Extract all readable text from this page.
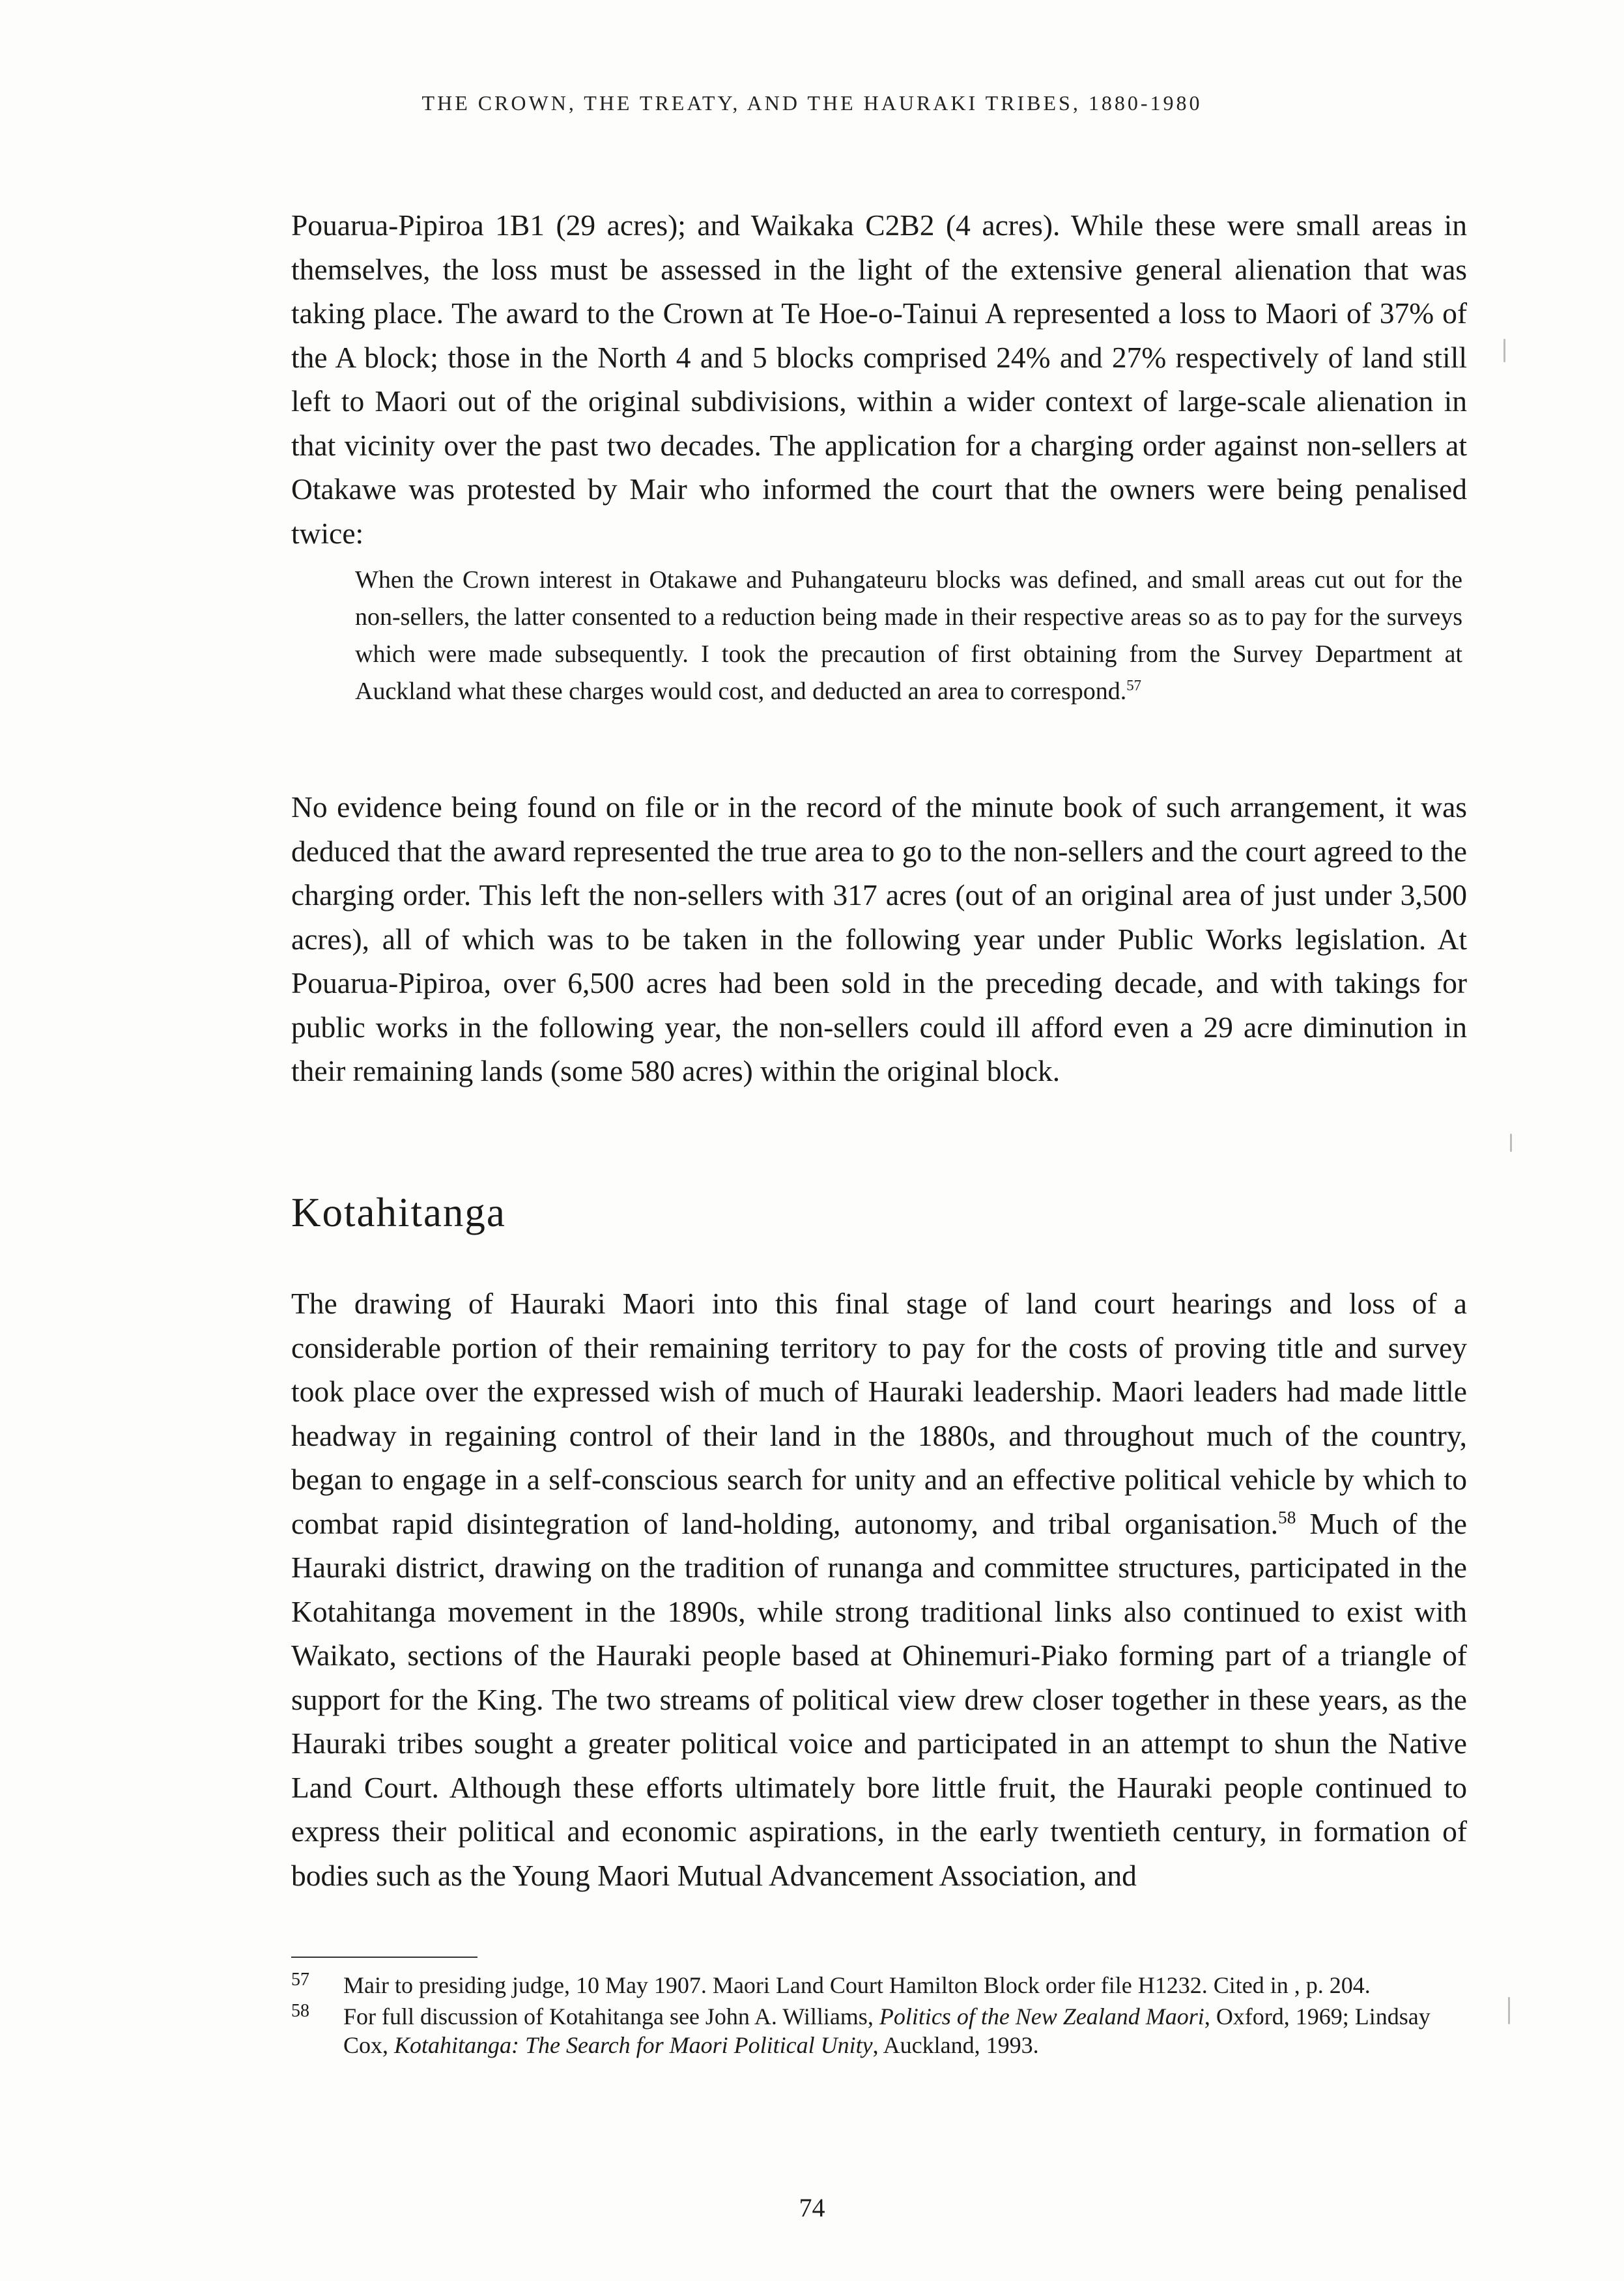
THE CROWN, THE TREATY, AND THE HAURAKI TRIBES, 1880-1980

Pouarua-Pipiroa 1B1 (29 acres); and Waikaka C2B2 (4 acres). While these were small areas in themselves, the loss must be assessed in the light of the extensive general alienation that was taking place. The award to the Crown at Te Hoe-o-Tainui A represented a loss to Maori of 37% of the A block; those in the North 4 and 5 blocks comprised 24% and 27% respectively of land still left to Maori out of the original subdivisions, within a wider context of large-scale alienation in that vicinity over the past two decades. The application for a charging order against non-sellers at Otakawe was protested by Mair who informed the court that the owners were being penalised twice:

When the Crown interest in Otakawe and Puhangateuru blocks was defined, and small areas cut out for the non-sellers, the latter consented to a reduction being made in their respective areas so as to pay for the surveys which were made subsequently. I took the precaution of first obtaining from the Survey Department at Auckland what these charges would cost, and deducted an area to correspond.$^{57}$

No evidence being found on file or in the record of the minute book of such arrangement, it was deduced that the award represented the true area to go to the non-sellers and the court agreed to the charging order. This left the non-sellers with 317 acres (out of an original area of just under 3,500 acres), all of which was to be taken in the following year under Public Works legislation. At Pouarua-Pipiroa, over 6,500 acres had been sold in the preceding decade, and with takings for public works in the following year, the non-sellers could ill afford even a 29 acre diminution in their remaining lands (some 580 acres) within the original block.

Kotahitanga

The drawing of Hauraki Maori into this final stage of land court hearings and loss of a considerable portion of their remaining territory to pay for the costs of proving title and survey took place over the expressed wish of much of Hauraki leadership. Maori leaders had made little headway in regaining control of their land in the 1880s, and throughout much of the country, began to engage in a self-conscious search for unity and an effective political vehicle by which to combat rapid disintegration of land-holding, autonomy, and tribal organisation.$^{58}$ Much of the Hauraki district, drawing on the tradition of runanga and committee structures, participated in the Kotahitanga movement in the 1890s, while strong traditional links also continued to exist with Waikato, sections of the Hauraki people based at Ohinemuri-Piako forming part of a triangle of support for the King. The two streams of political view drew closer together in these years, as the Hauraki tribes sought a greater political voice and participated in an attempt to shun the Native Land Court. Although these efforts ultimately bore little fruit, the Hauraki people continued to express their political and economic aspirations, in the early twentieth century, in formation of bodies such as the Young Maori Mutual Advancement Association, and

57 Mair to presiding judge, 10 May 1907. Maori Land Court Hamilton Block order file H1232. Cited in , p. 204.

58 For full discussion of Kotahitanga see John A. Williams, Politics of the New Zealand Maori, Oxford, 1969; Lindsay Cox, Kotahitanga: The Search for Maori Political Unity, Auckland, 1993.

74
